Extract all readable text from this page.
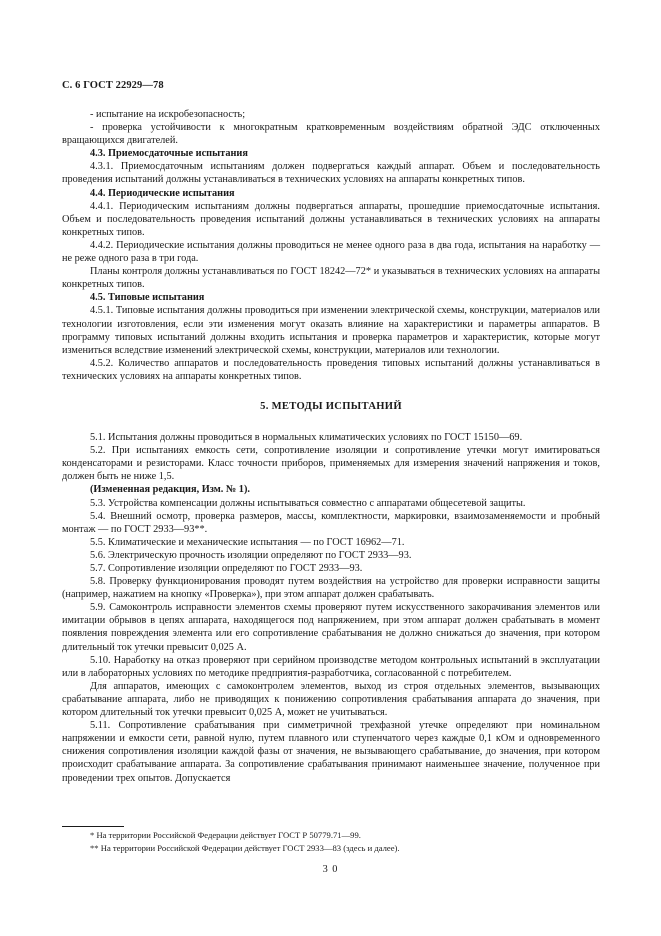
С. 6 ГОСТ 22929—78

- испытание на искробезопасность;

- проверка устойчивости к многократным кратковременным воздействиям обратной ЭДС отключенных вращающихся двигателей.

4.3. Приемосдаточные испытания

4.3.1. Приемосдаточным испытаниям должен подвергаться каждый аппарат. Объем и последовательность проведения испытаний должны устанавливаться в технических условиях на аппараты конкретных типов.

4.4. Периодические испытания

4.4.1. Периодическим испытаниям должны подвергаться аппараты, прошедшие приемосдаточные испытания. Объем и последовательность проведения испытаний должны устанавливаться в технических условиях на аппараты конкретных типов.

4.4.2. Периодические испытания должны проводиться не менее одного раза в два года, испытания на наработку — не реже одного раза в три года.

Планы контроля должны устанавливаться по ГОСТ 18242—72* и указываться в технических условиях на аппараты конкретных типов.

4.5. Типовые испытания

4.5.1. Типовые испытания должны проводиться при изменении электрической схемы, конструкции, материалов или технологии изготовления, если эти изменения могут оказать влияние на характеристики и параметры аппаратов. В программу типовых испытаний должны входить испытания и проверка параметров и характеристик, которые могут измениться вследствие изменений электрической схемы, конструкции, материалов или технологии.

4.5.2. Количество аппаратов и последовательность проведения типовых испытаний должны устанавливаться в технических условиях на аппараты конкретных типов.

5. МЕТОДЫ ИСПЫТАНИЙ

5.1. Испытания должны проводиться в нормальных климатических условиях по ГОСТ 15150—69.

5.2. При испытаниях емкость сети, сопротивление изоляции и сопротивление утечки могут имитироваться конденсаторами и резисторами. Класс точности приборов, применяемых для измерения значений напряжения и токов, должен быть не ниже 1,5.

(Измененная редакция, Изм. № 1).

5.3. Устройства компенсации должны испытываться совместно с аппаратами общесетевой защиты.

5.4. Внешний осмотр, проверка размеров, массы, комплектности, маркировки, взаимозаменяемости и пробный монтаж — по ГОСТ 2933—93**.

5.5. Климатические и механические испытания — по ГОСТ 16962—71.

5.6. Электрическую прочность изоляции определяют по ГОСТ 2933—93.

5.7. Сопротивление изоляции определяют по ГОСТ 2933—93.

5.8. Проверку функционирования проводят путем воздействия на устройство для проверки исправности защиты (например, нажатием на кнопку «Проверка»), при этом аппарат должен срабатывать.

5.9. Самоконтроль исправности элементов схемы проверяют путем искусственного закорачивания элементов или имитации обрывов в цепях аппарата, находящегося под напряжением, при этом аппарат должен срабатывать в момент появления повреждения элемента или его сопротивление срабатывания не должно снижаться до значения, при котором длительный ток утечки превысит 0,025 А.

5.10. Наработку на отказ проверяют при серийном производстве методом контрольных испытаний в эксплуатации или в лабораторных условиях по методике предприятия-разработчика, согласованной с потребителем.

Для аппаратов, имеющих с самоконтролем элементов, выход из строя отдельных элементов, вызывающих срабатывание аппарата, либо не приводящих к понижению сопротивления срабатывания аппарата до значения, при котором длительный ток утечки превысит 0,025 А, может не учитываться.

5.11. Сопротивление срабатывания при симметричной трехфазной утечке определяют при номинальном напряжении и емкости сети, равной нулю, путем плавного или ступенчатого через каждые 0,1 кОм и одновременного снижения сопротивления изоляции каждой фазы от значения, не вызывающего срабатывание, до значения, при котором происходит срабатывание аппарата. За сопротивление срабатывания принимают наименьшее значение, полученное при проведении трех опытов. Допускается

* На территории Российской Федерации действует ГОСТ Р 50779.71—99.

** На территории Российской Федерации действует ГОСТ 2933—83 (здесь и далее).

3 0
